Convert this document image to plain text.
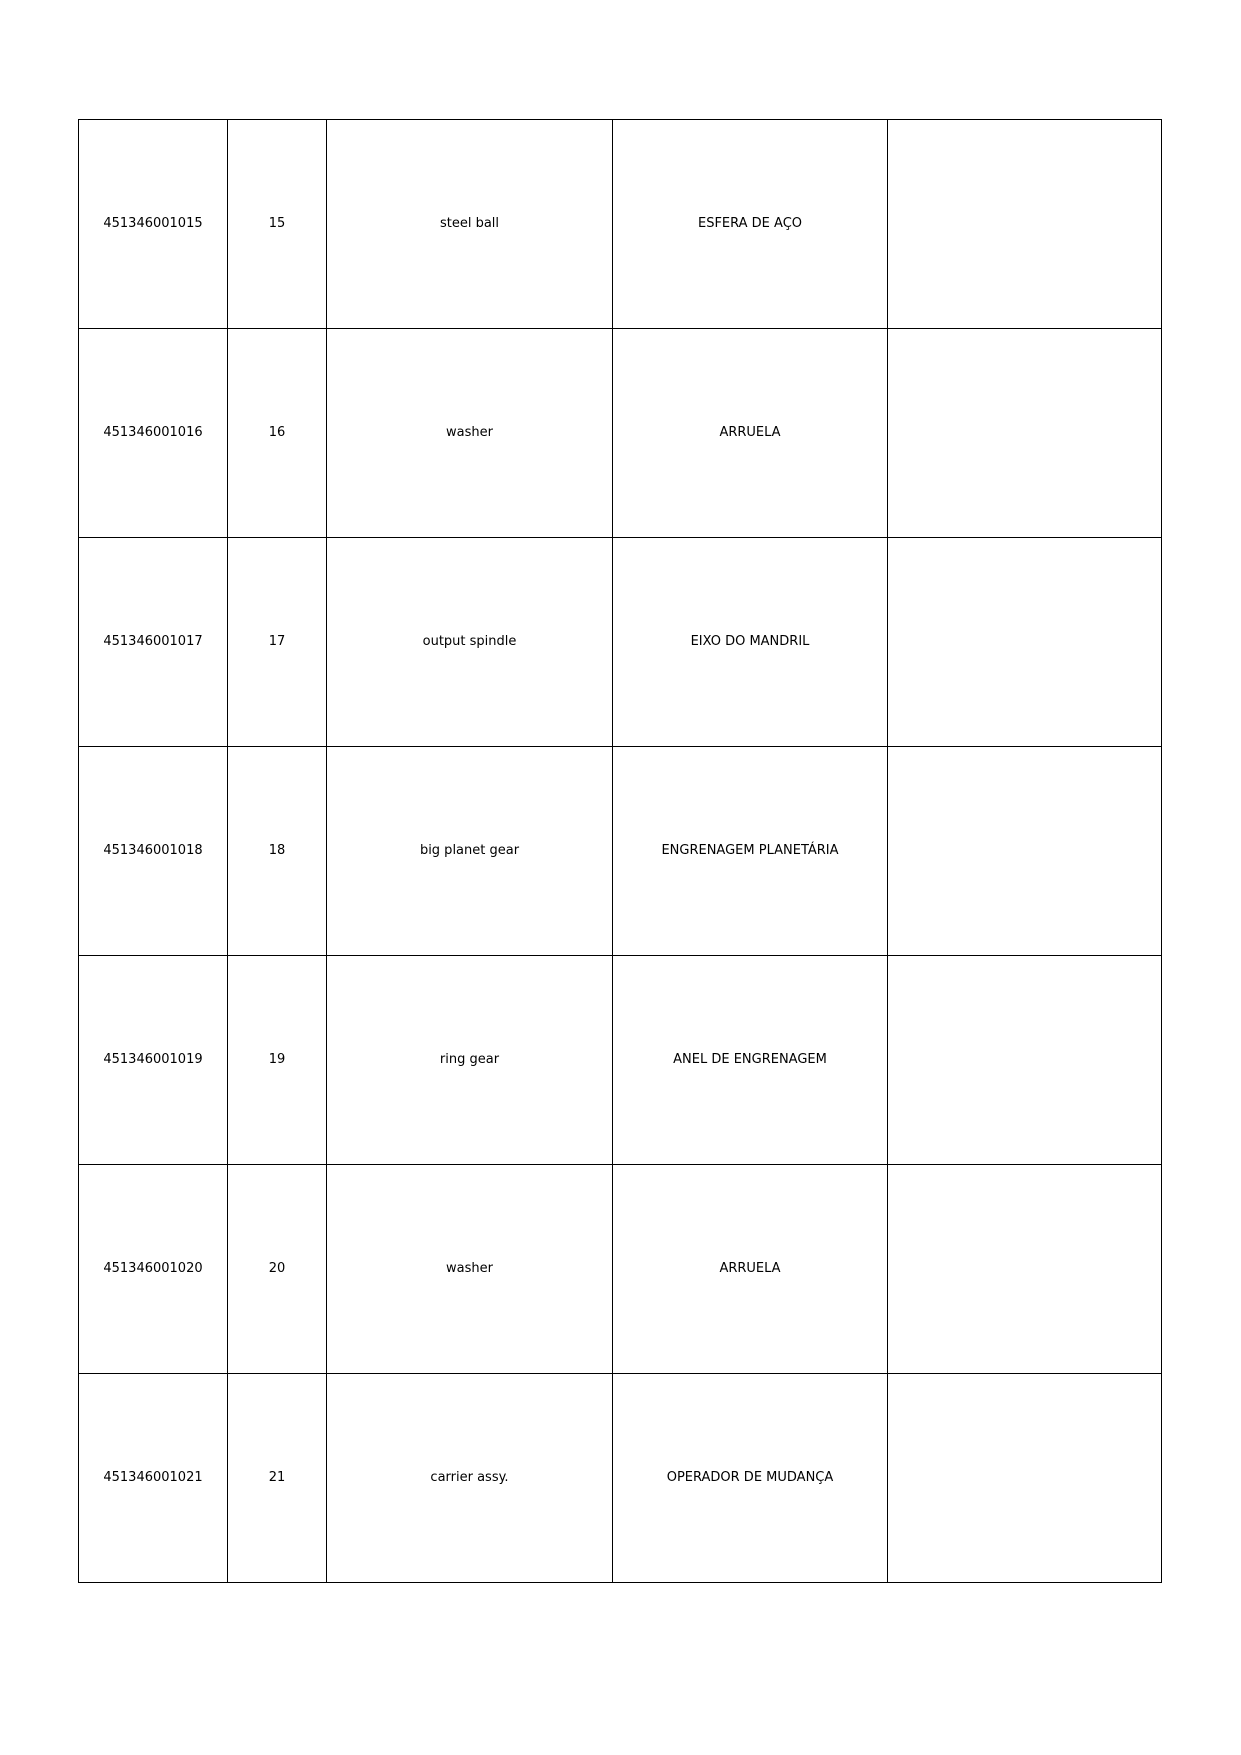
451346001015	15	steel ball	ESFERA DE AÇO	
451346001016	16	washer	ARRUELA	
451346001017	17	output spindle	EIXO DO MANDRIL	
451346001018	18	big planet gear	ENGRENAGEM PLANETÁRIA	
451346001019	19	ring gear	ANEL DE ENGRENAGEM	
451346001020	20	washer	ARRUELA	
451346001021	21	carrier assy.	OPERADOR DE MUDANÇA	
